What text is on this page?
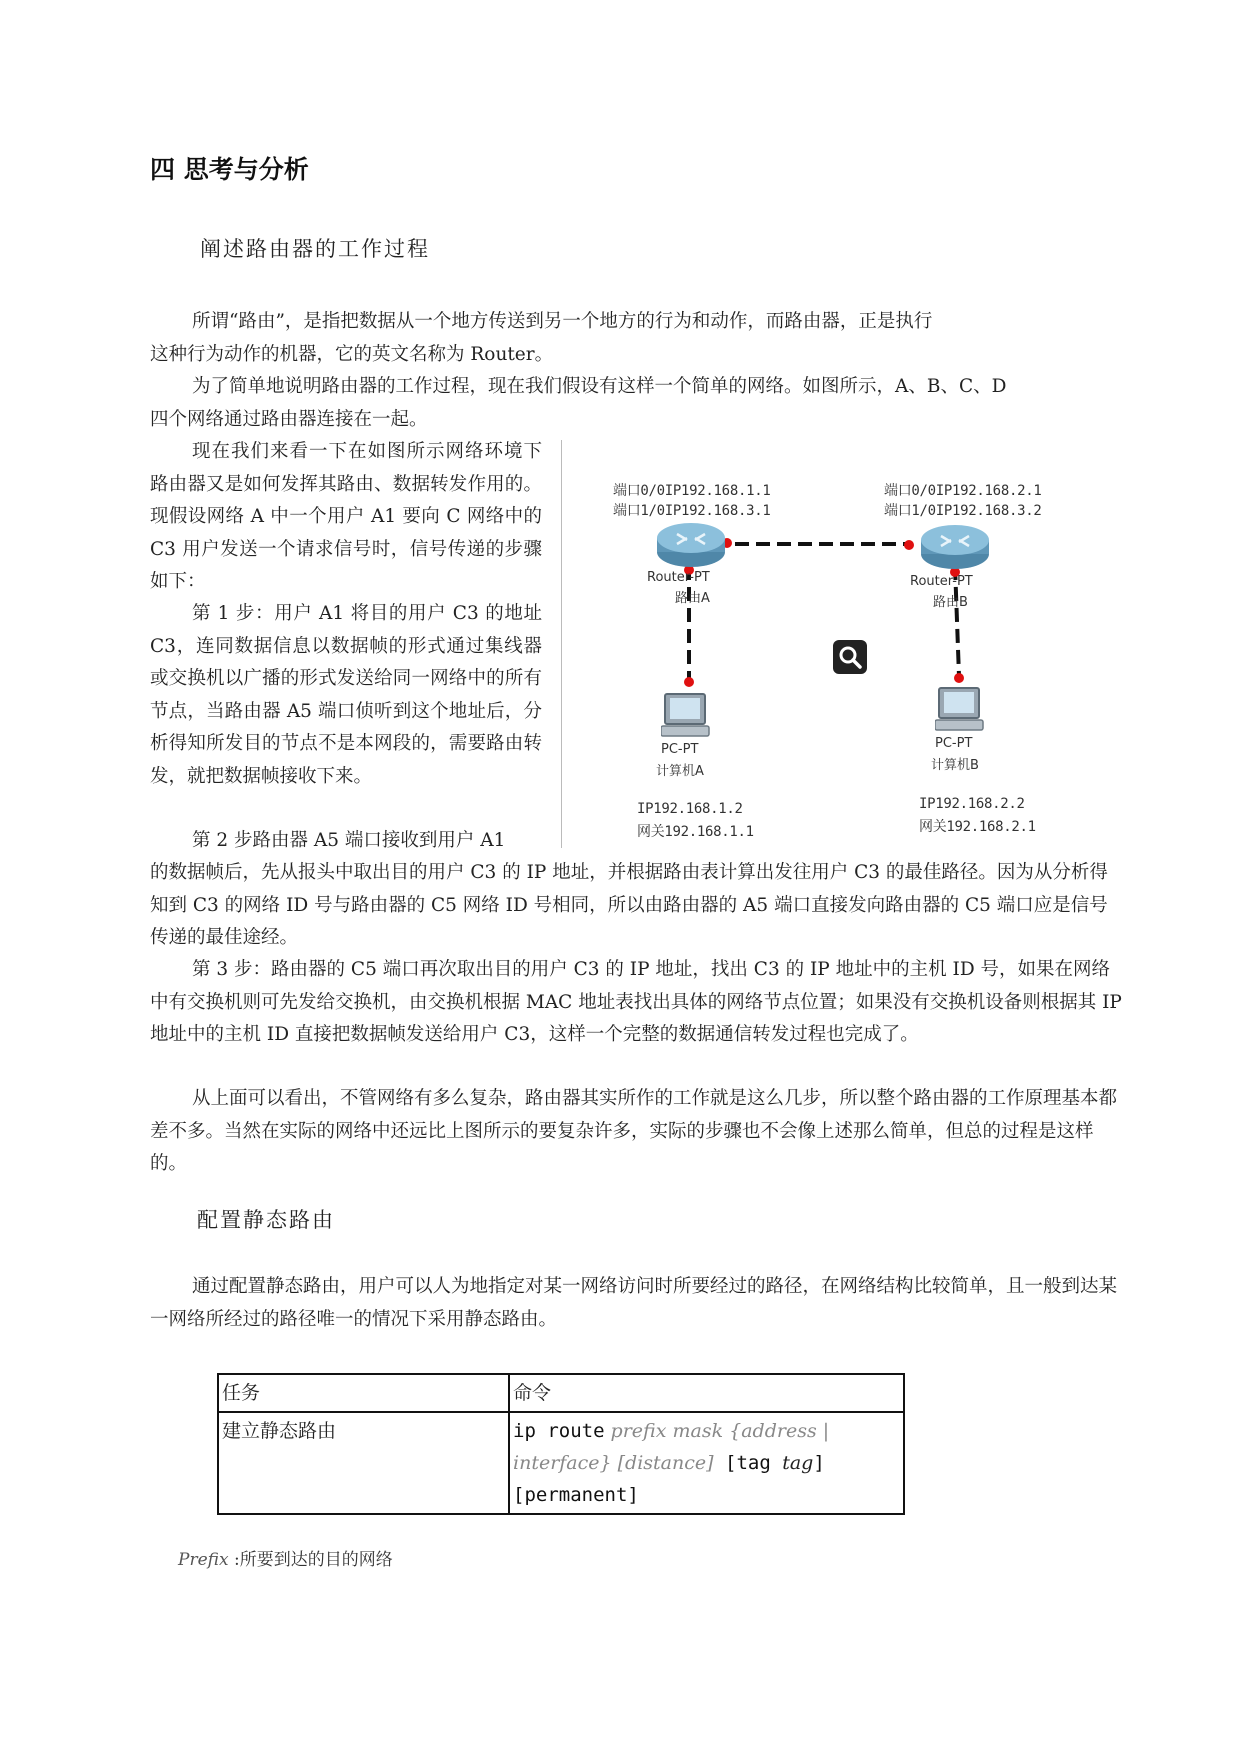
四 思考与分析
阐述路由器的工作过程

所谓“路由”，是指把数据从一个地方传送到另一个地方的行为和动作，而路由器，正是执行

这种行为动作的机器，它的英文名称为 Router。

为了简单地说明路由器的工作过程，现在我们假设有这样一个简单的网络。如图所示，A、B、C、D

四个网络通过路由器连接在一起。

现在我们来看一下在如图所示网络环境下路由器又是如何发挥其路由、数据转发作用的。现假设网络 A 中一个用户 A1 要向 C 网络中的 C3 用户发送一个请求信号时，信号传递的步骤如下：

第 1 步：用户 A1 将目的用户 C3 的地址 C3，连同数据信息以数据帧的形式通过集线器或交换机以广播的形式发送给同一网络中的所有节点，当路由器 A5 端口侦听到这个地址后，分析得知所发目的节点不是本网段的，需要路由转发，就把数据帧接收下来。

第 2 步路由器 A5 端口接收到用户 A1

的数据帧后，先从报头中取出目的用户 C3 的 IP 地址，并根据路由表计算出发往用户 C3 的最佳路径。因为从分析得知到 C3 的网络 ID 号与路由器的 C5 网络 ID 号相同，所以由路由器的 A5 端口直接发向路由器的 C5 端口应是信号传递的最佳途经。

第 3 步：路由器的 C5 端口再次取出目的用户 C3 的 IP 地址，找出 C3 的 IP 地址中的主机 ID 号，如果在网络中有交换机则可先发给交换机，由交换机根据 MAC 地址表找出具体的网络节点位置；如果没有交换机设备则根据其 IP 地址中的主机 ID 直接把数据帧发送给用户 C3，这样一个完整的数据通信转发过程也完成了。

从上面可以看出，不管网络有多么复杂，路由器其实所作的工作就是这么几步，所以整个路由器的工作原理基本都差不多。当然在实际的网络中还远比上图所示的要复杂许多，实际的步骤也不会像上述那么简单，但总的过程是这样的。

配置静态路由

通过配置静态路由，用户可以人为地指定对某一网络访问时所要经过的路径，在网络结构比较简单，且一般到达某一网络所经过的路径唯一的情况下采用静态路由。

端口0/0IP192.168.1.1
端口1/0IP192.168.3.1
端口0/0IP192.168.2.1
端口1/0IP192.168.3.2
Router-PT
路由A
Router-PT
路由B
PC-PT
计算机A
PC-PT
计算机B
IP192.168.1.2
网关192.168.1.1
IP192.168.2.2
网关192.168.2.1
任务	命令
建立静态路由	ip route prefix mask {address |
interface} [distance] [tag tag]
[permanent]
Prefix :所要到达的目的网络
